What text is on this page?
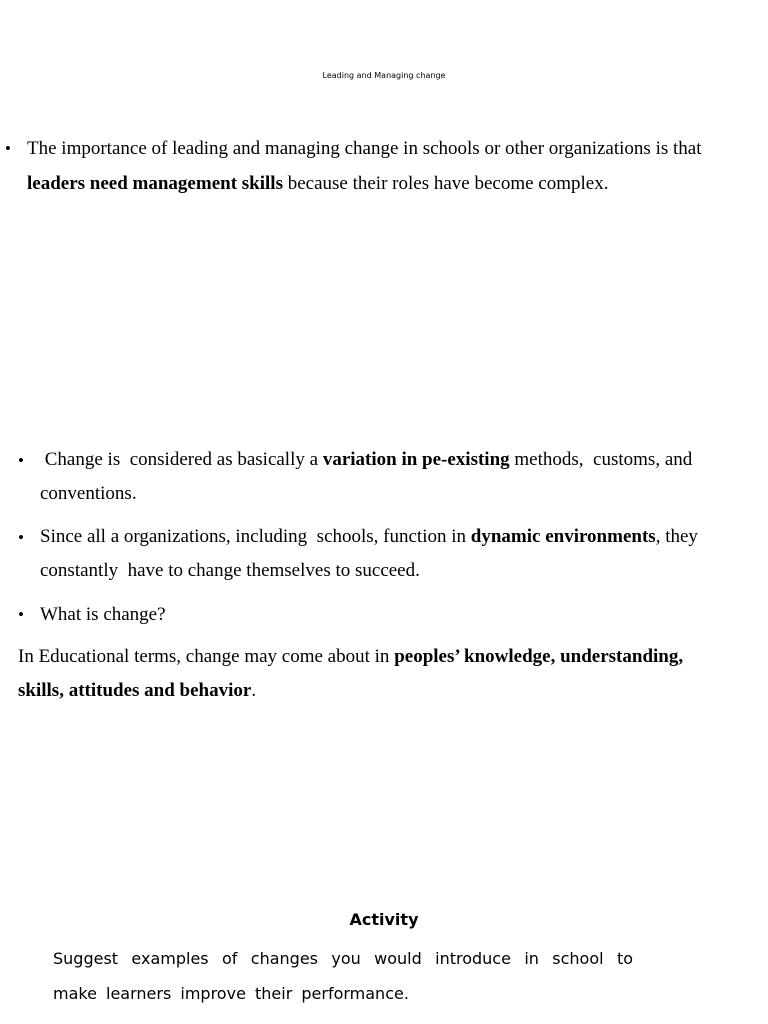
Leading and Managing change
• The importance of leading and managing change in schools or other organizations is that leaders need management skills because their roles have become complex.

• Change is  considered as basically a variation in pe-existing methods,  customs, and conventions.

• Since all a organizations, including  schools, function in dynamic environments, they constantly  have to change themselves to succeed.

• What is change?

In Educational terms, change may come about in peoples’ knowledge, understanding, skills, attitudes and behavior.

Activity

Suggest examples of changes you would introduce in school to make learners improve their performance.
